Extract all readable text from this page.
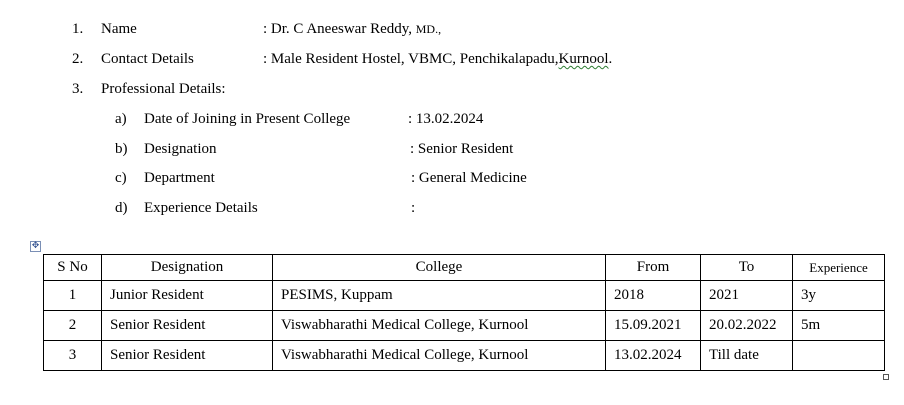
1. Name	: Dr. C Aneeswar Reddy, MD.,
2. Contact Details	: Male Resident Hostel, VBMC, Penchikalapadu,Kurnool.
3. Professional Details:
a) Date of Joining in Present College	: 13.02.2024
b) Designation	: Senior Resident
c) Department	: General Medicine
d) Experience Details	:
✥
S No	Designation	College	From	To	Experience
1	Junior Resident	PESIMS, Kuppam	2018	2021	3y
2	Senior Resident	Viswabharathi Medical College, Kurnool	15.09.2021	20.02.2022	5m
3	Senior Resident	Viswabharathi Medical College, Kurnool	13.02.2024	Till date	
